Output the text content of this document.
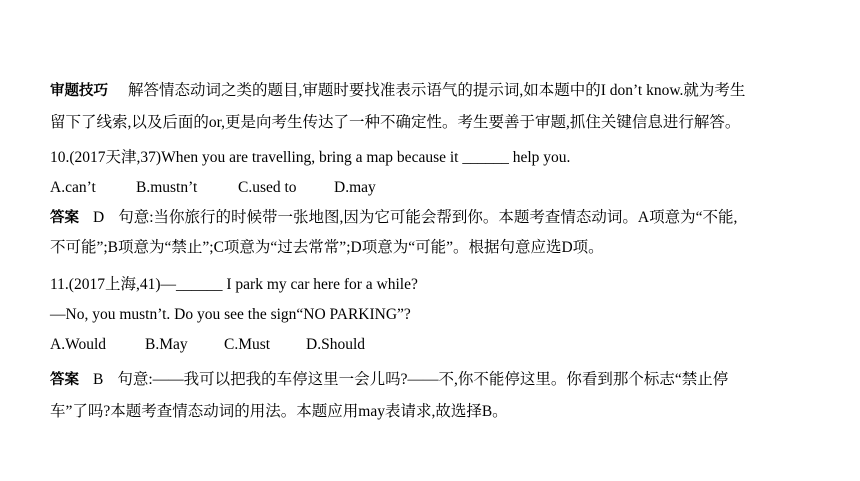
审题技巧 解答情态动词之类的题目,审题时要找准表示语气的提示词,如本题中的I don’t know.就为考生
留下了线索,以及后面的or,更是向考生传达了一种不确定性。考生要善于审题,抓住关键信息进行解答。
10.(2017天津,37)When you are travelling, bring a map because it ______ help you.
A.can’t	B.mustn’t	C.used to D.may
答案 D 句意:当你旅行的时候带一张地图,因为它可能会帮到你。本题考查情态动词。A项意为“不能,
不可能”;B项意为“禁止”;C项意为“过去常常”;D项意为“可能”。根据句意应选D项。
11.(2017上海,41)—______ I park my car here for a while?
—No, you mustn’t. Do you see the sign“NO PARKING”?
A.Would	B.May C.Must D.Should
答案 B 句意:——我可以把我的车停这里一会儿吗?——不,你不能停这里。你看到那个标志“禁止停
车”了吗?本题考查情态动词的用法。本题应用may表请求,故选择B。
